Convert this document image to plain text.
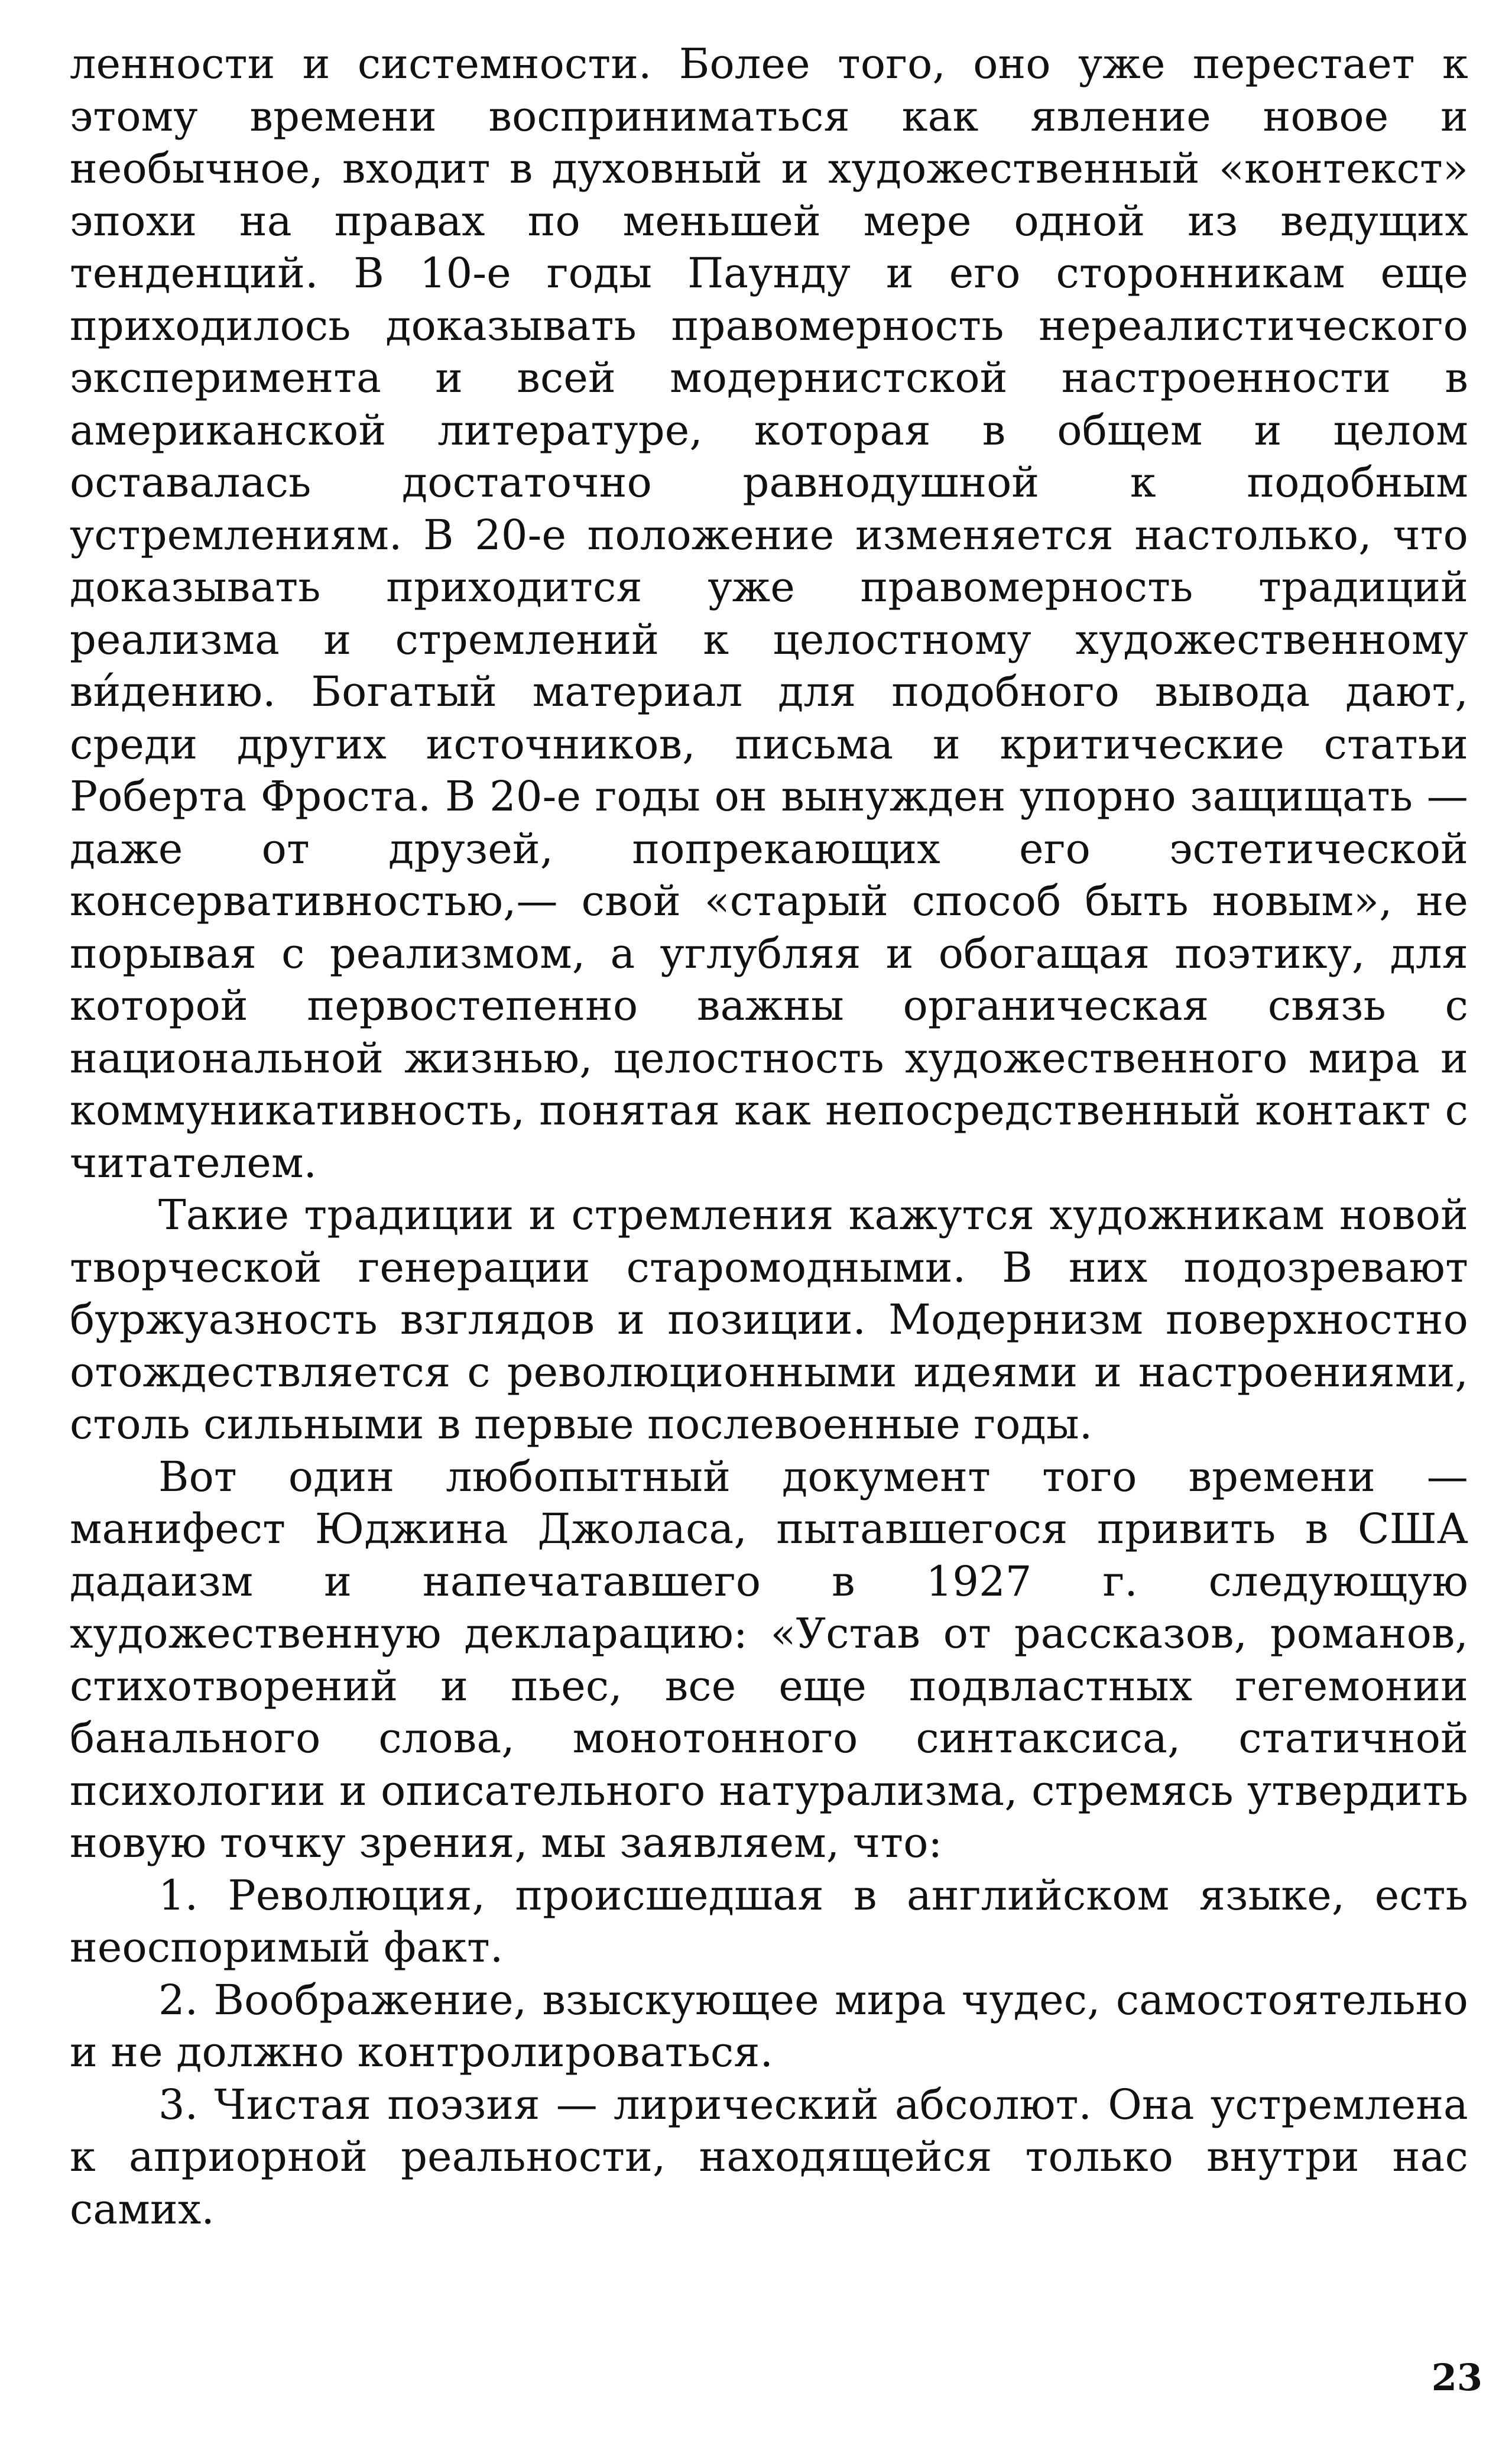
ленности и системности. Более того, оно уже перестает к этому времени восприниматься как явление новое и необычное, входит в духовный и художественный «контекст» эпохи на правах по меньшей мере одной из ведущих тенденций. В 10-е годы Паунду и его сторонникам еще приходилось доказывать правомерность нереалистического эксперимента и всей модернистской настроенности в американской литературе, которая в общем и целом оставалась достаточно равнодушной к подобным устремлениям. В 20-е положение изменяется настолько, что доказывать приходится уже правомерность традиций реализма и стремлений к целостному художественному ви́дению. Богатый материал для подобного вывода дают, среди других источников, письма и критические статьи Роберта Фроста. В 20-е годы он вынужден упорно защищать — даже от друзей, попрекающих его эстетической консервативностью,— свой «старый способ быть новым», не порывая с реализмом, а углубляя и обогащая поэтику, для которой первостепенно важны органическая связь с национальной жизнью, целостность художественного мира и коммуникативность, понятая как непосредственный контакт с читателем.

Такие традиции и стремления кажутся художникам новой творческой генерации старомодными. В них подозревают буржуазность взглядов и позиции. Модернизм поверхностно отождествляется с революционными идеями и настроениями, столь сильными в первые послевоенные годы.

Вот один любопытный документ того времени — манифест Юджина Джоласа, пытавшегося привить в США дадаизм и напечатавшего в 1927 г. следующую художественную декларацию: «Устав от рассказов, романов, стихотворений и пьес, все еще подвластных гегемонии банального слова, монотонного синтаксиса, статичной психологии и описательного натурализма, стремясь утвердить новую точку зрения, мы заявляем, что:

1. Революция, происшедшая в английском языке, есть неоспоримый факт.

2. Воображение, взыскующее мира чудес, самостоятельно и не должно контролироваться.

3. Чистая поэзия — лирический абсолют. Она устремлена к априорной реальности, находящейся только внутри нас самих.

23
